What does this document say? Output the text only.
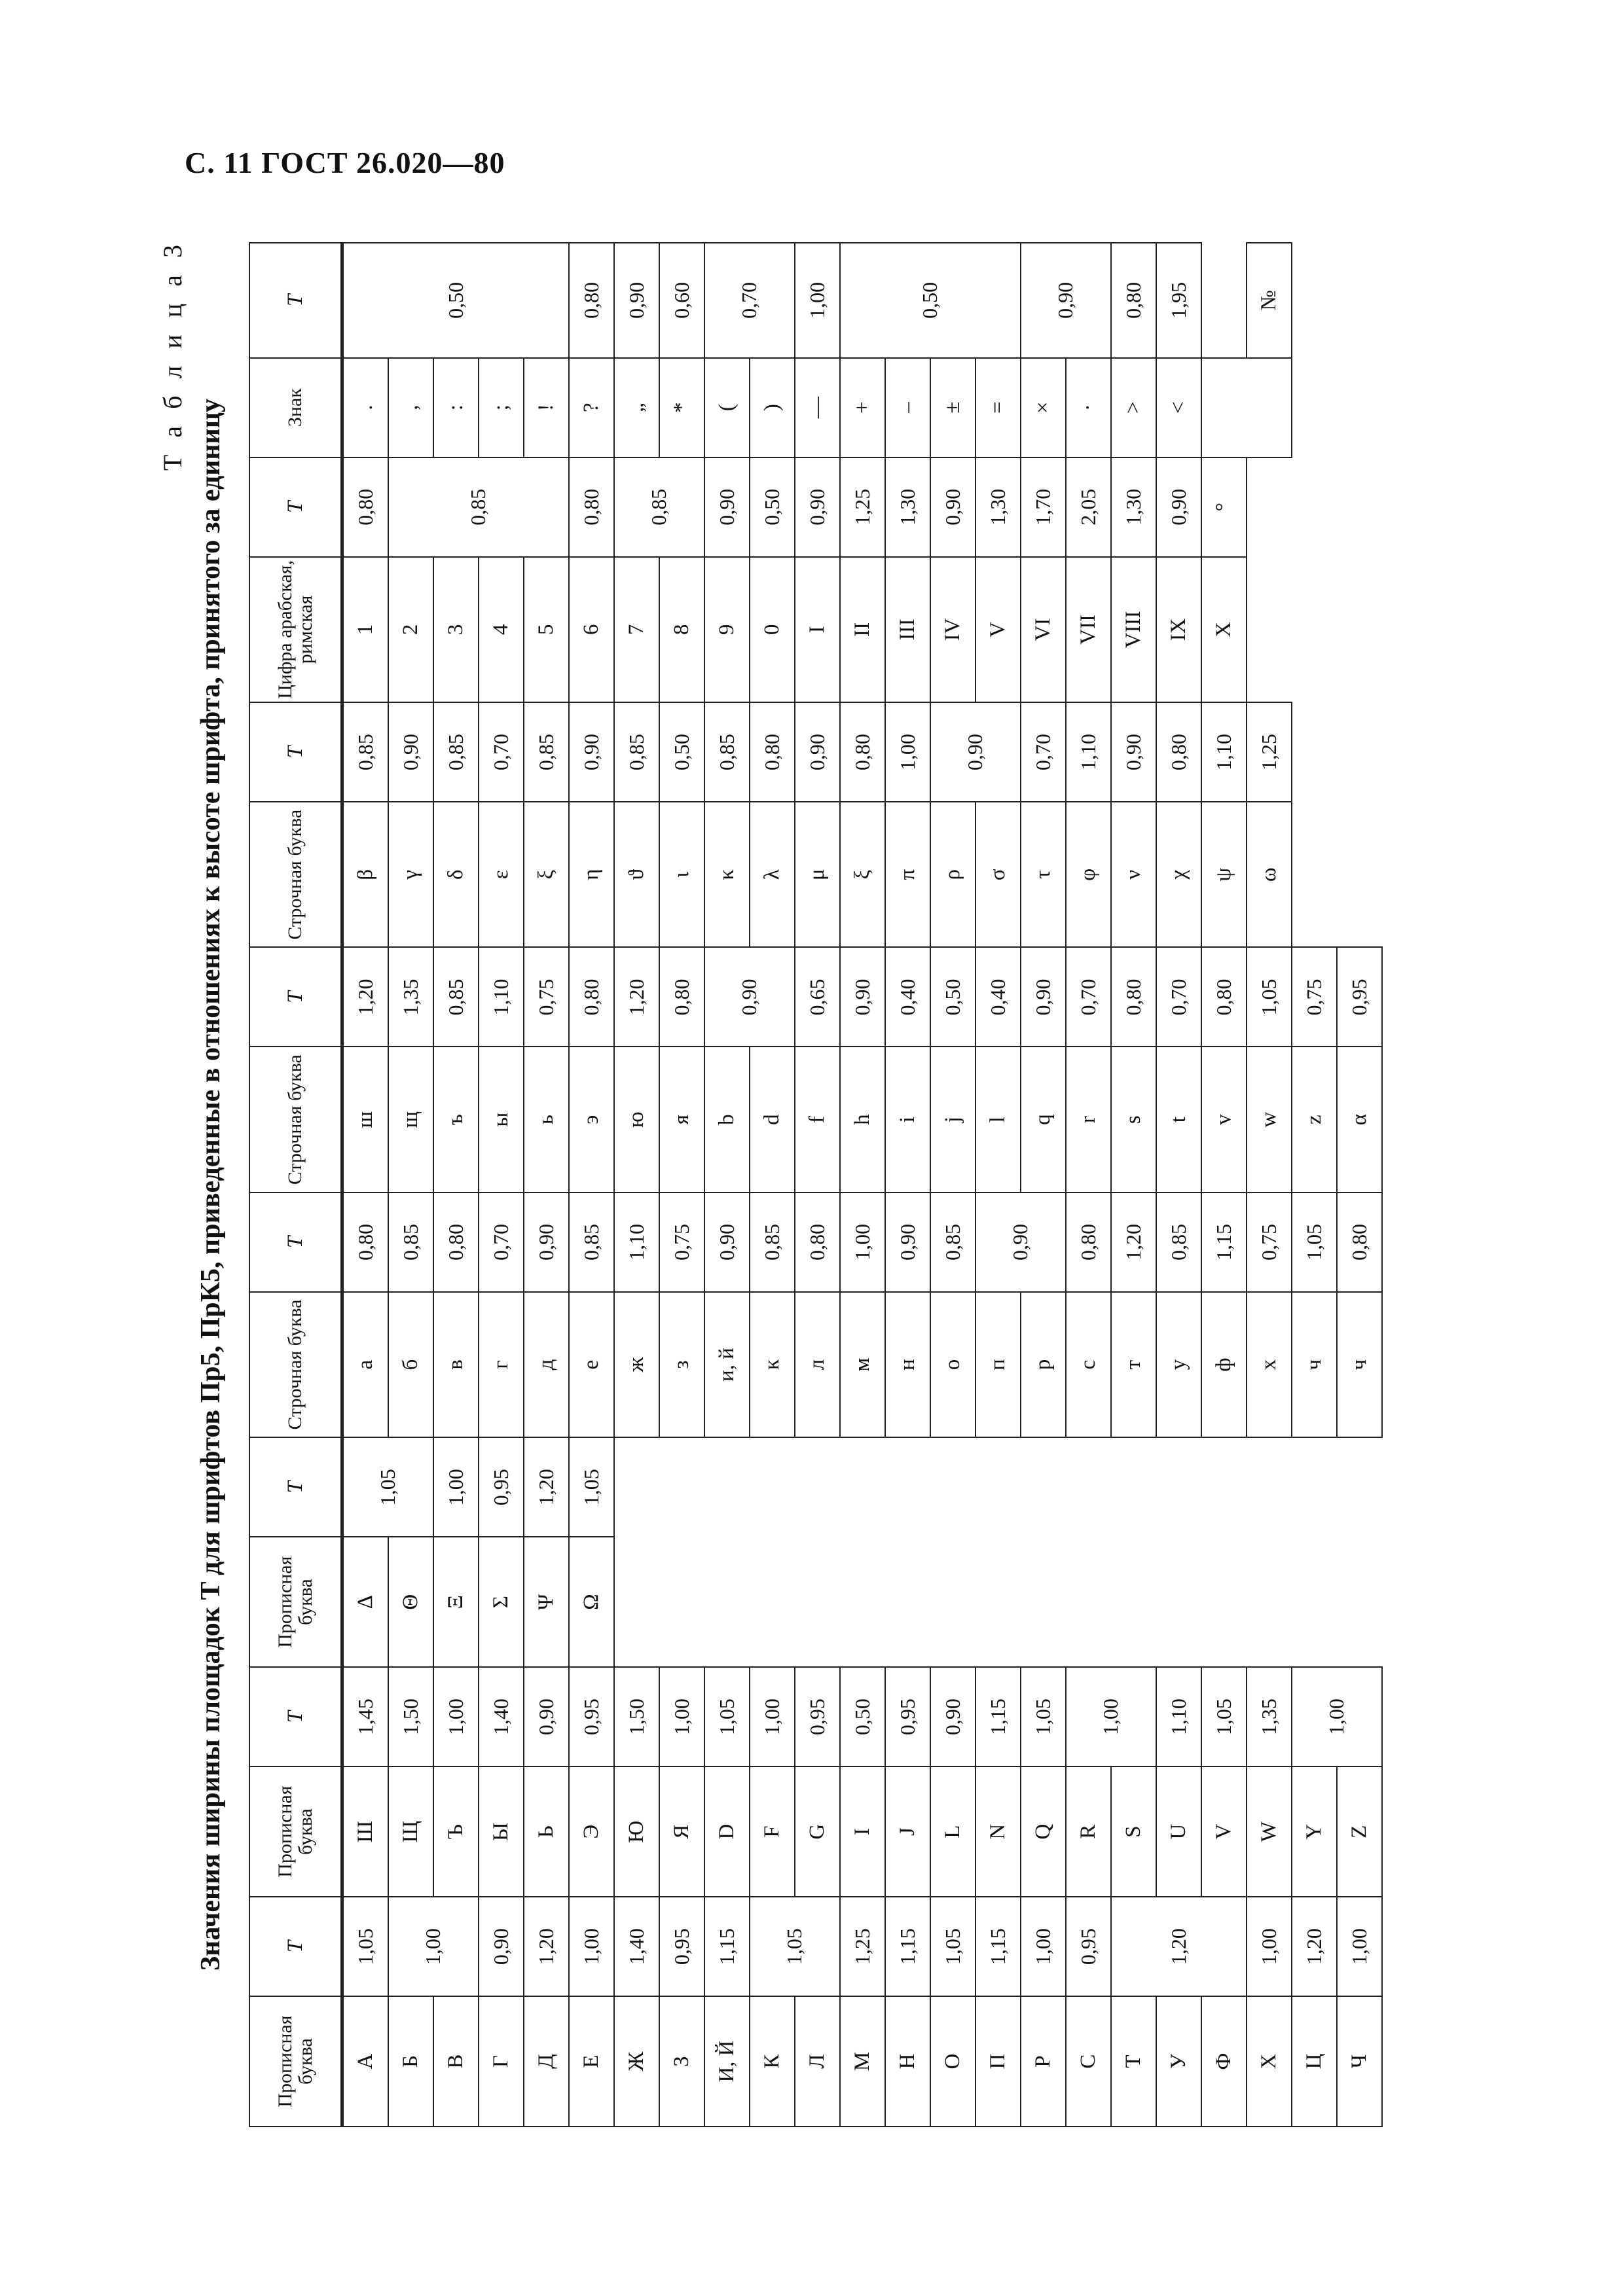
С. 11 ГОСТ 26.020—80
Т а б л и ц а 3
Значения ширины площадок T для шрифтов Пр5, ПрК5, приведенные в отношениях к высоте шрифта, принятого за единицу
Прописная буква	T	Прописная буква	T	Прописная буква	T	Строчная буква	T	Строчная буква	T	Строчная буква	T	Цифра арабская, римская	T	Знак	T
А	1,05	Ш	1,45	Δ	1,05	а	0,80	ш	1,20	β	0,85	1	0,80	.	0,50
Б	1,00	Щ	1,50	Θ		б	0,85	щ	1,35	γ	0,90	2	0,85	,	
В		Ъ	1,00	Ξ	1,00	в	0,80	ъ	0,85	δ	0,85	3		:	
Г	0,90	Ы	1,40	Σ	0,95	г	0,70	ы	1,10	ε	0,70	4		;	
Д	1,20	Ь	0,90	Ψ	1,20	д	0,90	ь	0,75	ξ	0,85	5		!	
Е	1,00	Э	0,95	Ω	1,05	е	0,85	э	0,80	η	0,90	6	0,80	?	0,80
Ж	1,40	Ю	1,50			ж	1,10	ю	1,20	ϑ	0,85	7	0,85	„	0,90
З	0,95	Я	1,00			з	0,75	я	0,80	ι	0,50	8		*	0,60
И, Й	1,15	D	1,05			и, й	0,90	b	0,90	κ	0,85	9	0,90	(	0,70
К	1,05	F	1,00			к	0,85	d		λ	0,80	0	0,50	)	
Л		G	0,95			л	0,80	f	0,65	μ	0,90	I	0,90	—	1,00
М	1,25	I	0,50			м	1,00	h	0,90	ξ	0,80	II	1,25	+	0,50
Н	1,15	J	0,95			н	0,90	i	0,40	π	1,00	III	1,30	–	
О	1,05	L	0,90			о	0,85	j	0,50	ρ	0,90	IV	0,90	±	
П	1,15	N	1,15			п	0,90	l	0,40	σ		V	1,30	=	
Р	1,00	Q	1,05			р		q	0,90	τ	0,70	VI	1,70	×	0,90
С	0,95	R	1,00			с	0,80	r	0,70	φ	1,10	VII	2,05	·	
Т	1,20	S				т	1,20	s	0,80	ν	0,90	VIII	1,30	>	0,80
У		U	1,10			у	0,85	t	0,70	χ	0,80	IX	0,90	<	1,95
Ф		V	1,05			ф	1,15	v	0,80	ψ	1,10	X	°		
Х	1,00	W	1,35			х	0,75	w	1,05	ω	1,25				№
Ц	1,20	Y	1,00			ч	1,05	z	0,75						
Ч	1,00	Z				ч	0,80	α	0,95						
